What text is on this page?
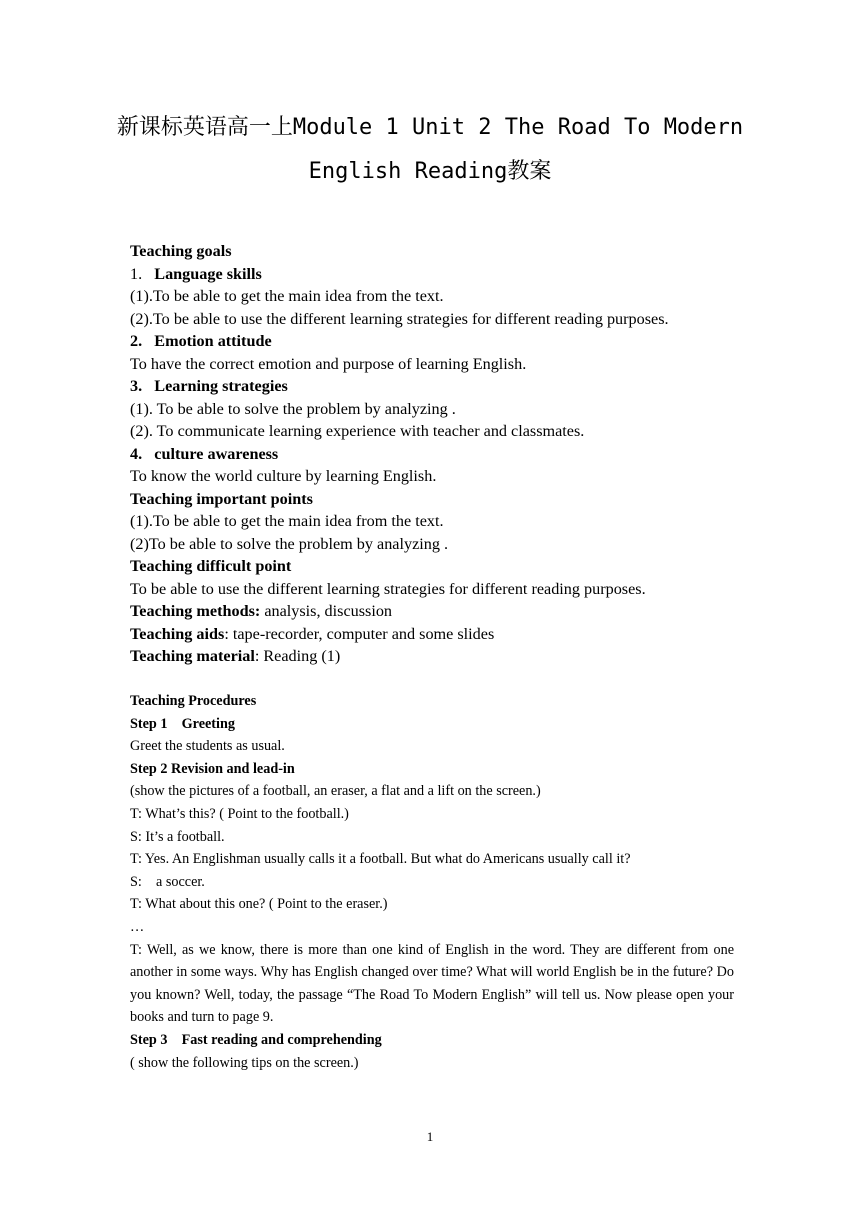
新课标英语高一上Module 1 Unit 2 The Road To Modern
English Reading教案
Teaching goals
1. Language skills
(1).To be able to get the main idea from the text.
(2).To be able to use the different learning strategies for different reading purposes.
2. Emotion attitude
To have the correct emotion and purpose of learning English.
3. Learning strategies
(1). To be able to solve the problem by analyzing .
(2). To communicate learning experience with teacher and classmates.
4. culture awareness
To know the world culture by learning English.
Teaching important points
(1).To be able to get the main idea from the text.
(2)To be able to solve the problem by analyzing .
Teaching difficult point
To be able to use the different learning strategies for different reading purposes.
Teaching methods: analysis, discussion
Teaching aids: tape-recorder, computer and some slides
Teaching material: Reading (1)
Teaching Procedures
Step 1    Greeting
Greet the students as usual.
Step 2 Revision and lead-in
(show the pictures of a football, an eraser, a flat and a lift on the screen.)
T: What’s this? ( Point to the football.)
S: It’s a football.
T: Yes. An Englishman usually calls it a football. But what do Americans usually call it?
S:    a soccer.
T: What about this one? ( Point to the eraser.)
…
T: Well, as we know, there is more than one kind of English in the word. They are different from one another in some ways. Why has English changed over time? What will world English be in the future? Do you known? Well, today, the passage “The Road To Modern English” will tell us. Now please open your books and turn to page 9.
Step 3    Fast reading and comprehending
( show the following tips on the screen.)
1
